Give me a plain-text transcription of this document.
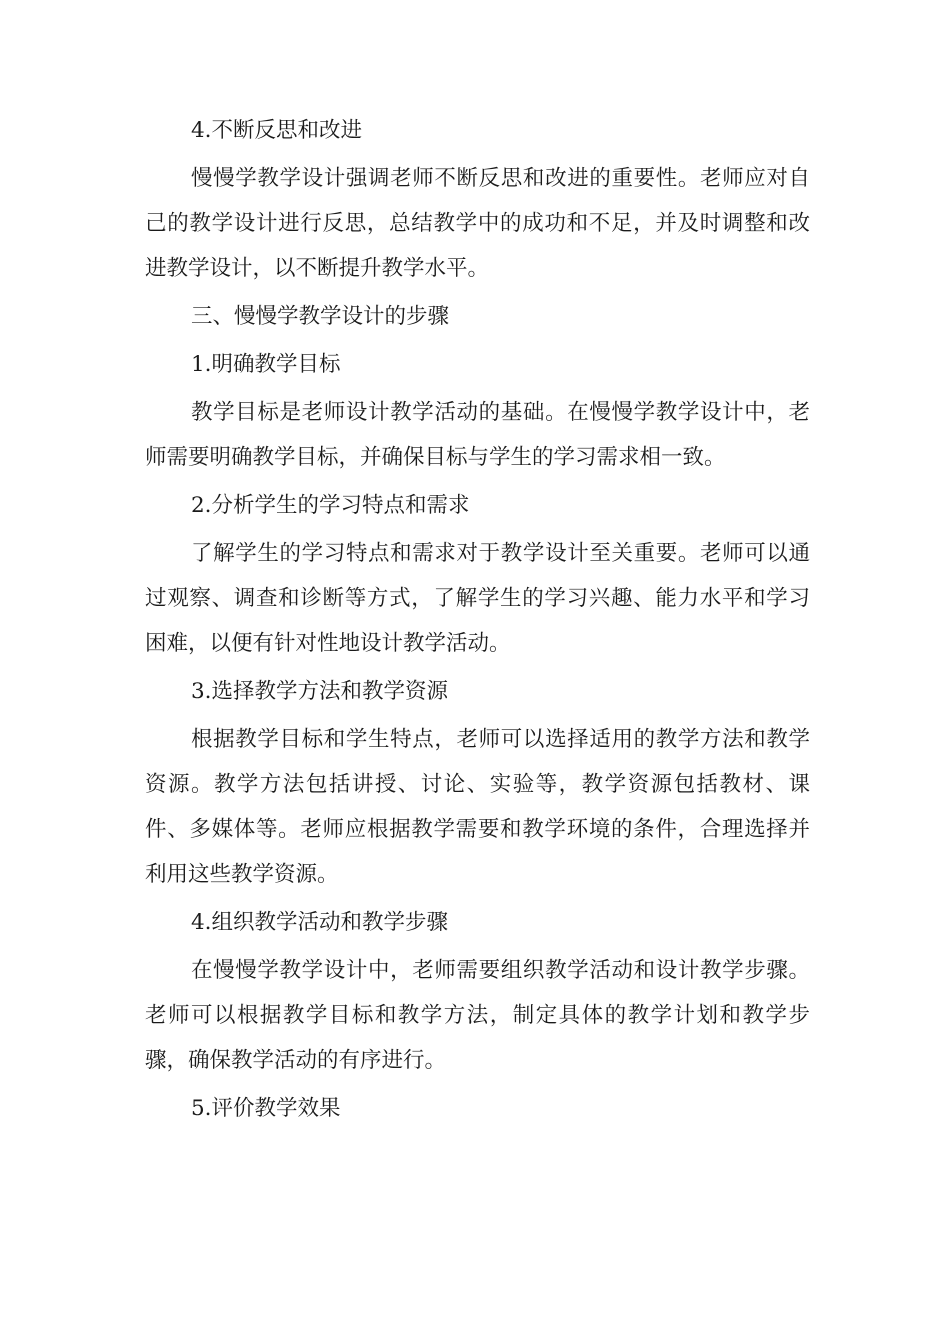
4.不断反思和改进

慢慢学教学设计强调老师不断反思和改进的重要性。老师应对自己的教学设计进行反思，总结教学中的成功和不足，并及时调整和改进教学设计，以不断提升教学水平。

三、慢慢学教学设计的步骤

1.明确教学目标

教学目标是老师设计教学活动的基础。在慢慢学教学设计中，老师需要明确教学目标，并确保目标与学生的学习需求相一致。

2.分析学生的学习特点和需求

了解学生的学习特点和需求对于教学设计至关重要。老师可以通过观察、调查和诊断等方式，了解学生的学习兴趣、能力水平和学习困难，以便有针对性地设计教学活动。

3.选择教学方法和教学资源

根据教学目标和学生特点，老师可以选择适用的教学方法和教学资源。教学方法包括讲授、讨论、实验等，教学资源包括教材、课件、多媒体等。老师应根据教学需要和教学环境的条件，合理选择并利用这些教学资源。

4.组织教学活动和教学步骤

在慢慢学教学设计中，老师需要组织教学活动和设计教学步骤。老师可以根据教学目标和教学方法，制定具体的教学计划和教学步骤，确保教学活动的有序进行。

5.评价教学效果
